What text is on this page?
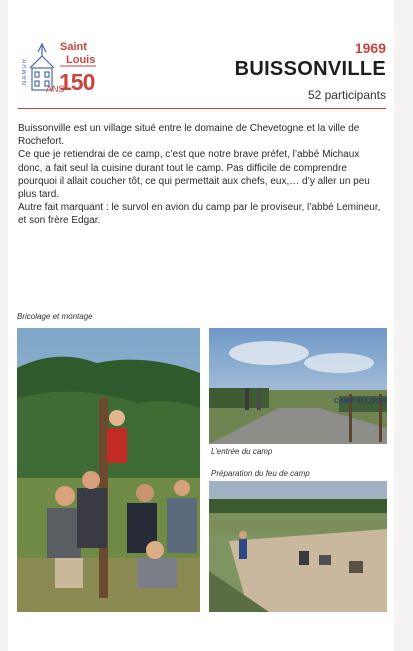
Saint
Louis
150
ANS
NAMUR
1969
BUISSONVILLE
52 participants

Buissonville est un village situé entre le domaine de Chevetogne et la ville de Rochefort.

Ce que je retiendrai de ce camp, c’est que notre brave préfet, l’abbé Michaux donc, a fait seul la cuisine durant tout le camp. Pas difficile de comprendre pourquoi il allait coucher tôt, ce qui permettait aux chefs, eux,… d’y aller un peu plus tard.

Autre fait marquant : le survol en avion du camp par le proviseur, l’abbé Lemineur, et son frère Edgar.

Bricolage et montage
CAMP St LOUIS
L’entrée du camp
Préparation du feu de camp
